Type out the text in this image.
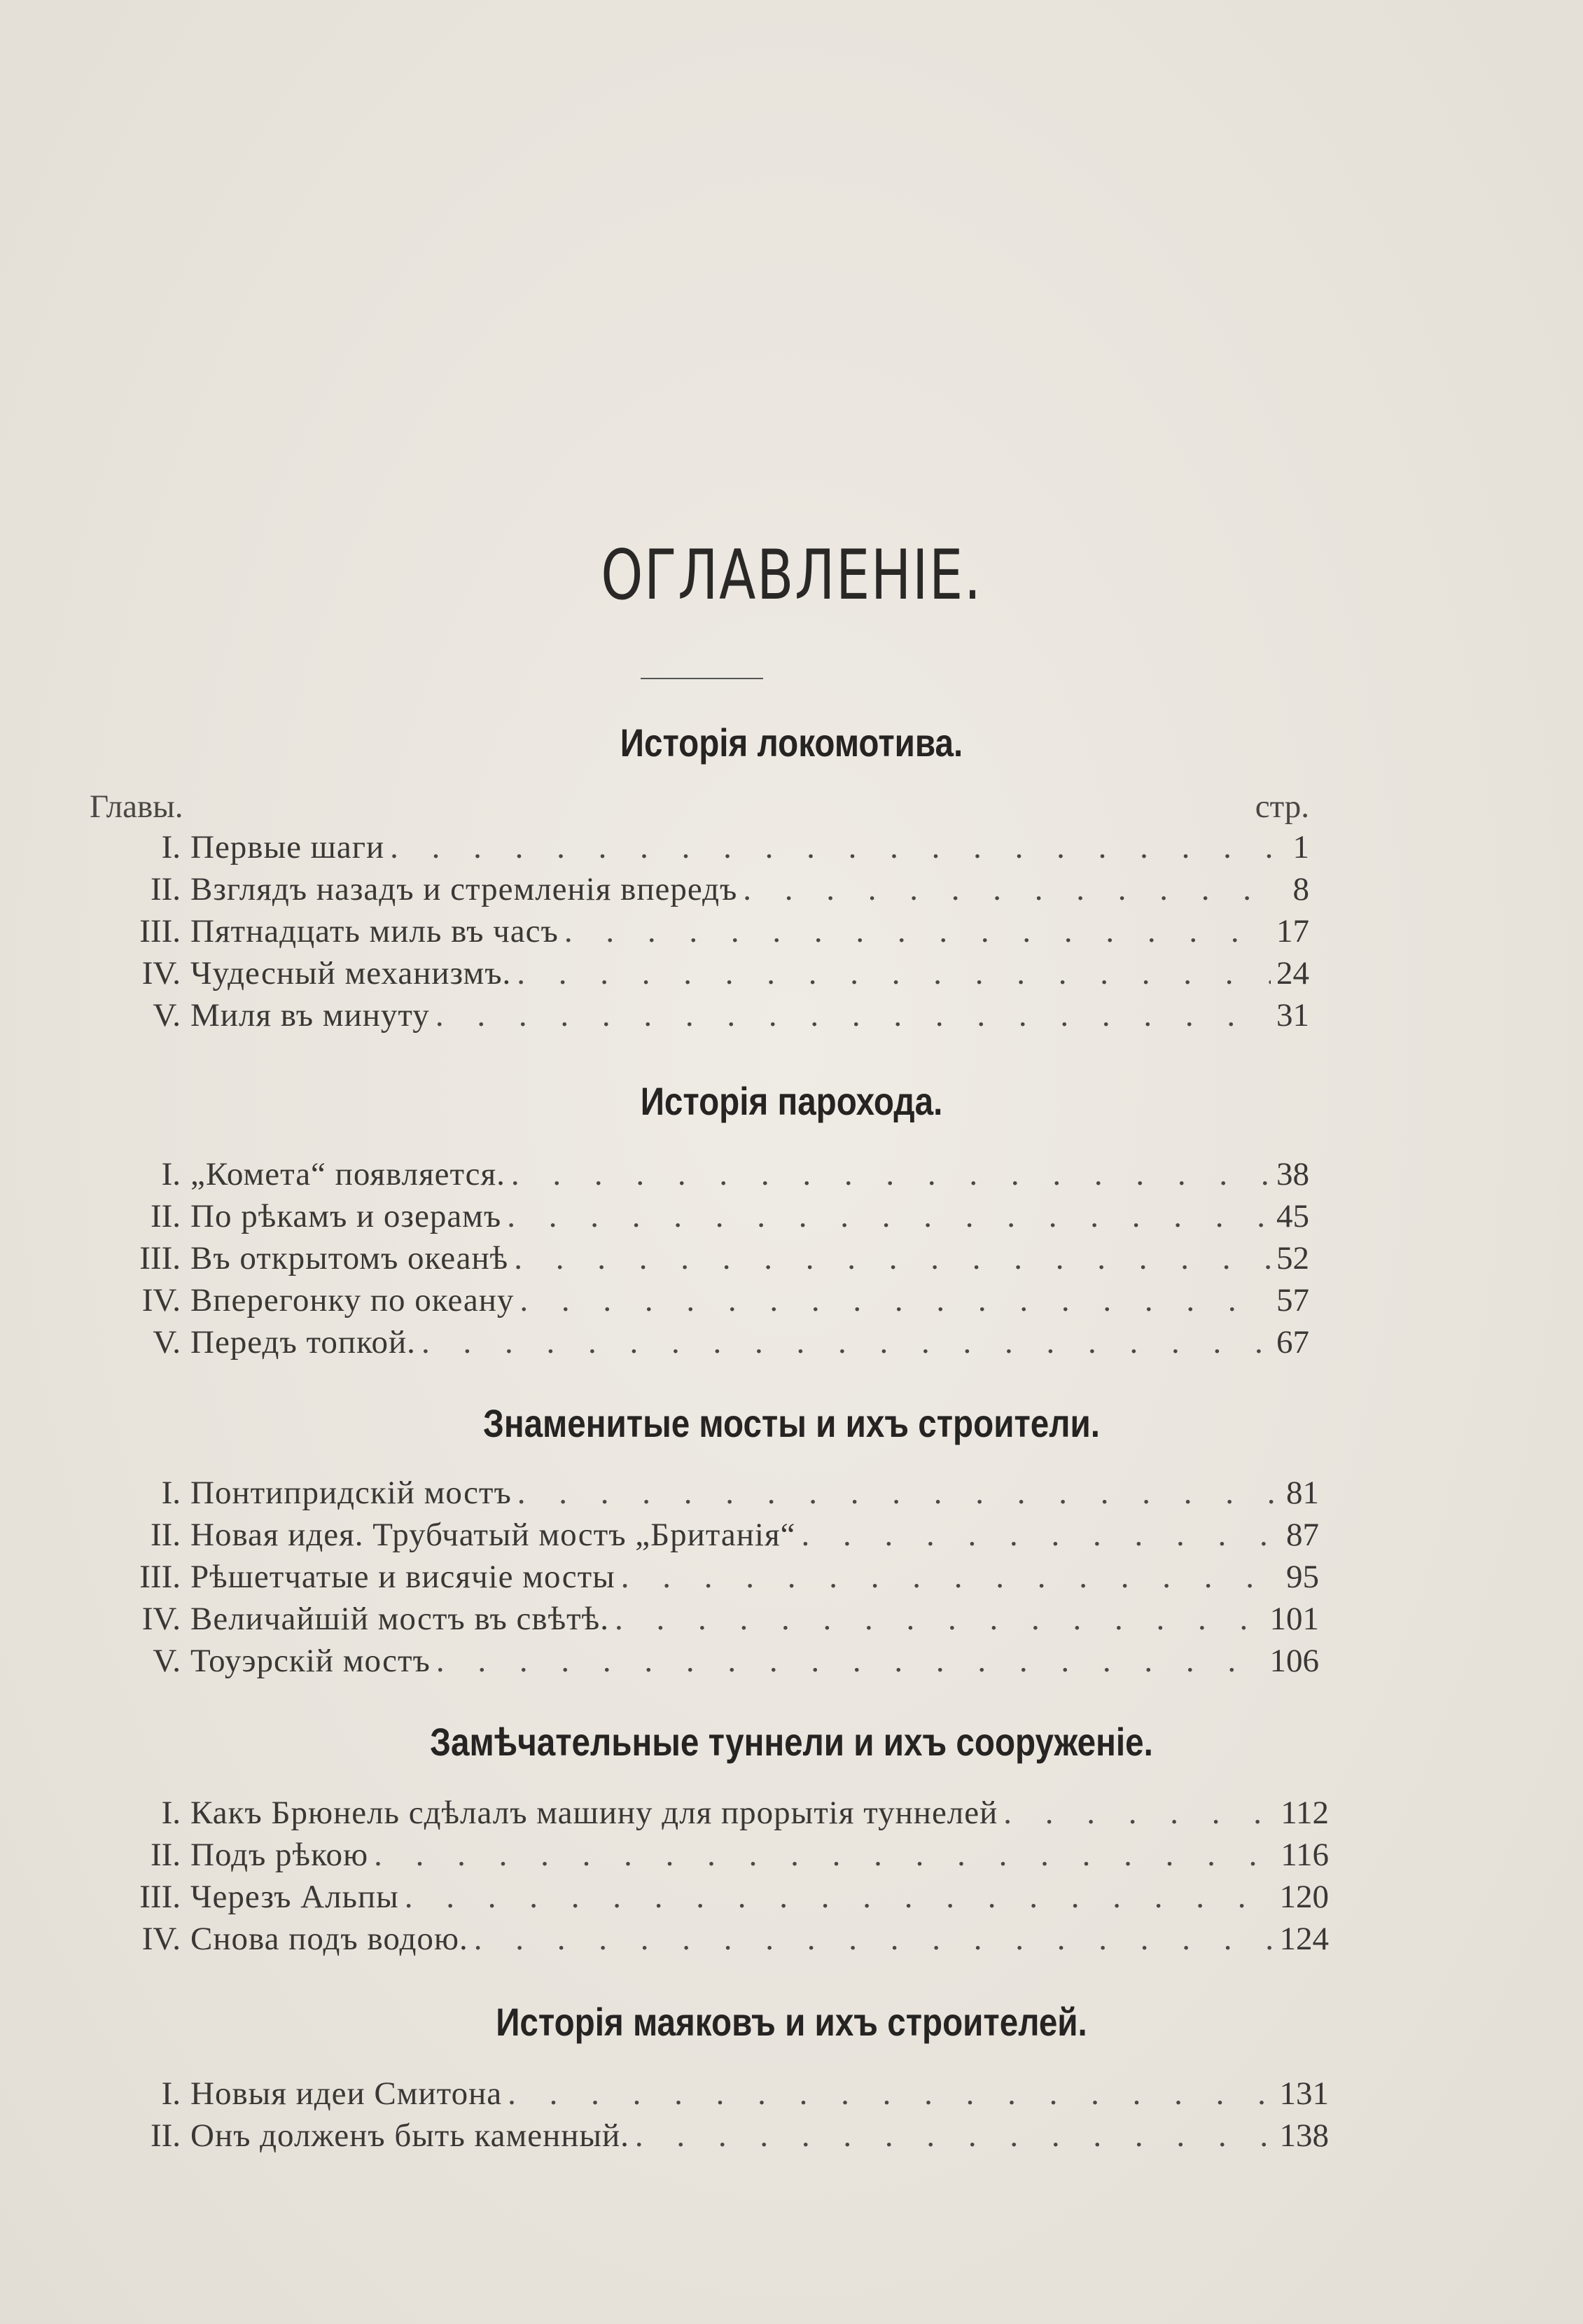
ОГЛАВЛЕНІЕ.
Главы.	стр.
Исторія локомотива.
I. Первые шаги . . .	1
II. Взглядъ назадъ и стремленія впередъ . . .	8
III. Пятнадцать миль въ часъ . . .	17
IV. Чудесный механизмъ. . . .	24
V. Миля въ минуту . . .	31
Исторія парохода.
I. „Комета“ появляется. . . .	38
II. По рѣкамъ и озерамъ . . .	45
III. Въ открытомъ океанѣ . . .	52
IV. Вперегонку по океану . . .	57
V. Передъ топкой. . . .	67
Знаменитые мосты и ихъ строители.
I. Понтипридскій мостъ . . .	81
II. Новая идея. Трубчатый мостъ „Британія“ . . .	87
III. Рѣшетчатые и висячіе мосты . . .	95
IV. Величайшій мостъ въ свѣтѣ. . . .	101
V. Тоуэрскій мостъ . . .	106
Замѣчательные туннели и ихъ сооруженіе.
I. Какъ Брюнель сдѣлалъ машину для прорытія туннелей . . .	112
II. Подъ рѣкою . . .	116
III. Черезъ Альпы . . .	120
IV. Снова подъ водою. . . .	124
Исторія маяковъ и ихъ строителей.
I. Новыя идеи Смитона . . .	131
II. Онъ долженъ быть каменный. . . .	138
